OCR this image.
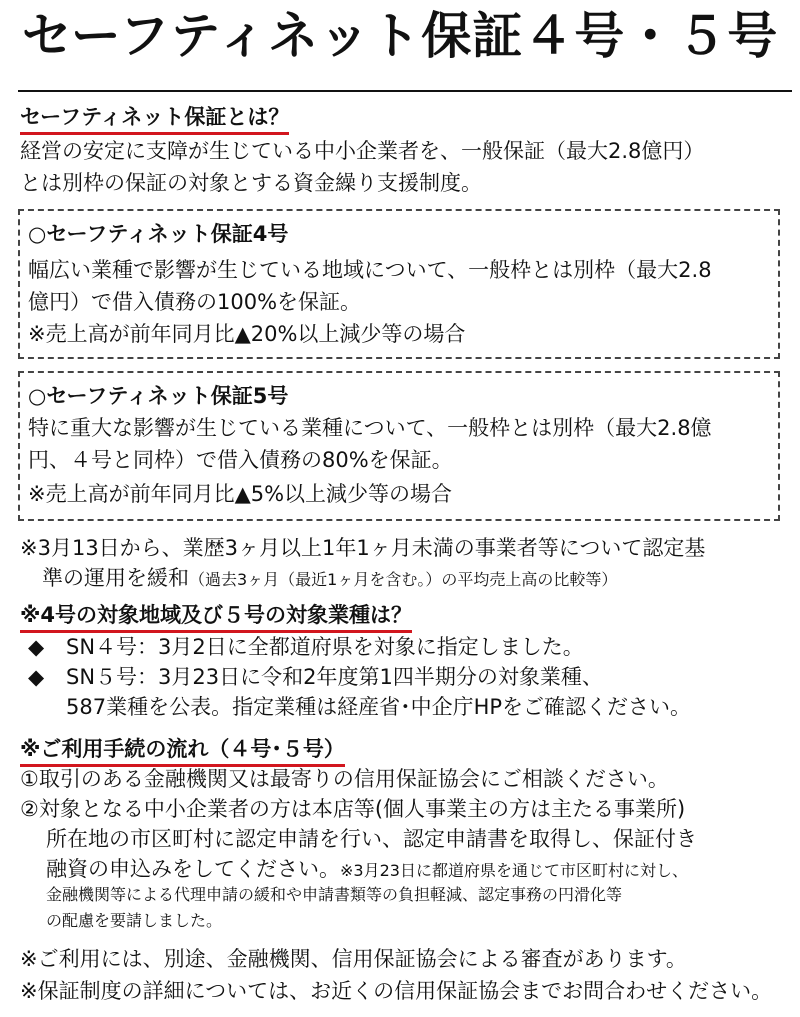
セーフティネット保証４号・５号
セーフティネット保証とは？
経営の安定に支障が生じている中小企業者を、一般保証（最大2.8億円）
とは別枠の保証の対象とする資金繰り支援制度。
○セーフティネット保証4号
幅広い業種で影響が生じている地域について、一般枠とは別枠（最大2.8
億円）で借入債務の100%を保証。
※売上高が前年同月比▲20%以上減少等の場合
○セーフティネット保証5号
特に重大な影響が生じている業種について、一般枠とは別枠（最大2.8億
円、４号と同枠）で借入債務の80%を保証。
※売上高が前年同月比▲5%以上減少等の場合
※3月13日から、業歴3ヶ月以上1年1ヶ月未満の事業者等について認定基
準の運用を緩和（過去3ヶ月（最近1ヶ月を含む。）の平均売上高の比較等）
※4号の対象地域及び５号の対象業種は？
◆ SN４号：3月2日に全都道府県を対象に指定しました。
◆ SN５号：3月23日に令和2年度第1四半期分の対象業種、
587業種を公表。指定業種は経産省･中企庁HPをご確認ください。
※ご利用手続の流れ（４号･５号）
①取引のある金融機関又は最寄りの信用保証協会にご相談ください。
②対象となる中小企業者の方は本店等(個人事業主の方は主たる事業所)
所在地の市区町村に認定申請を行い、認定申請書を取得し、保証付き
融資の申込みをしてください。※3月23日に都道府県を通じて市区町村に対し、
金融機関等による代理申請の緩和や申請書類等の負担軽減、認定事務の円滑化等
の配慮を要請しました。
※ご利用には、別途、金融機関、信用保証協会による審査があります。
※保証制度の詳細については、お近くの信用保証協会までお問合わせください。
